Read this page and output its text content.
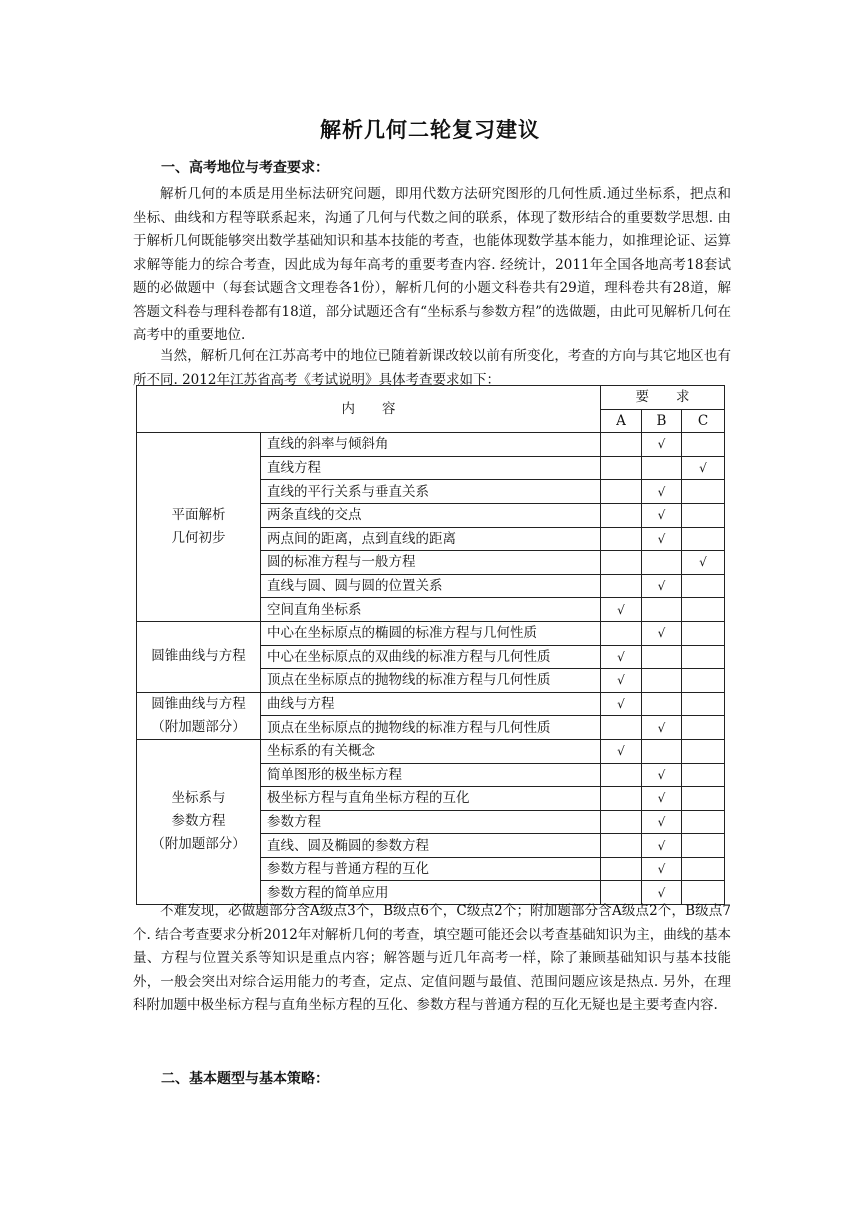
解析几何二轮复习建议

一、高考地位与考查要求：

解析几何的本质是用坐标法研究问题，即用代数方法研究图形的几何性质.通过坐标系，把点和坐标、曲线和方程等联系起来，沟通了几何与代数之间的联系，体现了数形结合的重要数学思想. 由于解析几何既能够突出数学基础知识和基本技能的考查，也能体现数学基本能力，如推理论证、运算求解等能力的综合考查，因此成为每年高考的重要考查内容. 经统计，2011年全国各地高考18套试题的必做题中（每套试题含文理卷各1份），解析几何的小题文科卷共有29道，理科卷共有28道，解答题文科卷与理科卷都有18道，部分试题还含有“坐标系与参数方程”的选做题，由此可见解析几何在高考中的重要地位.

当然，解析几何在江苏高考中的地位已随着新课改较以前有所变化，考查的方向与其它地区也有所不同. 2012年江苏省高考《考试说明》具体考查要求如下：

内　　容		要　　求		
		A	B	C

平面解析
几何初步	直线的斜率与倾斜角		√	
	直线方程			√
	直线的平行关系与垂直关系		√	
	两条直线的交点		√	
	两点间的距离，点到直线的距离		√	
	圆的标准方程与一般方程			√
	直线与圆、圆与圆的位置关系		√	
	空间直角坐标系	√		

圆锥曲线与方程	中心在坐标原点的椭圆的标准方程与几何性质		√	
	中心在坐标原点的双曲线的标准方程与几何性质	√		
	顶点在坐标原点的抛物线的标准方程与几何性质	√		

圆锥曲线与方程
（附加题部分）	曲线与方程	√		
	顶点在坐标原点的抛物线的标准方程与几何性质		√	

坐标系与
参数方程
（附加题部分）	坐标系的有关概念	√		
	简单图形的极坐标方程		√	
	极坐标方程与直角坐标方程的互化		√	
	参数方程		√	
	直线、圆及椭圆的参数方程		√	
	参数方程与普通方程的互化		√	
	参数方程的简单应用		√	

不难发现，必做题部分含A级点3个，B级点6个，C级点2个；附加题部分含A级点2个，B级点7个. 结合考查要求分析2012年对解析几何的考查，填空题可能还会以考查基础知识为主，曲线的基本量、方程与位置关系等知识是重点内容；解答题与近几年高考一样，除了兼顾基础知识与基本技能外，一般会突出对综合运用能力的考查，定点、定值问题与最值、范围问题应该是热点. 另外，在理科附加题中极坐标方程与直角坐标方程的互化、参数方程与普通方程的互化无疑也是主要考查内容.

二、基本题型与基本策略：
